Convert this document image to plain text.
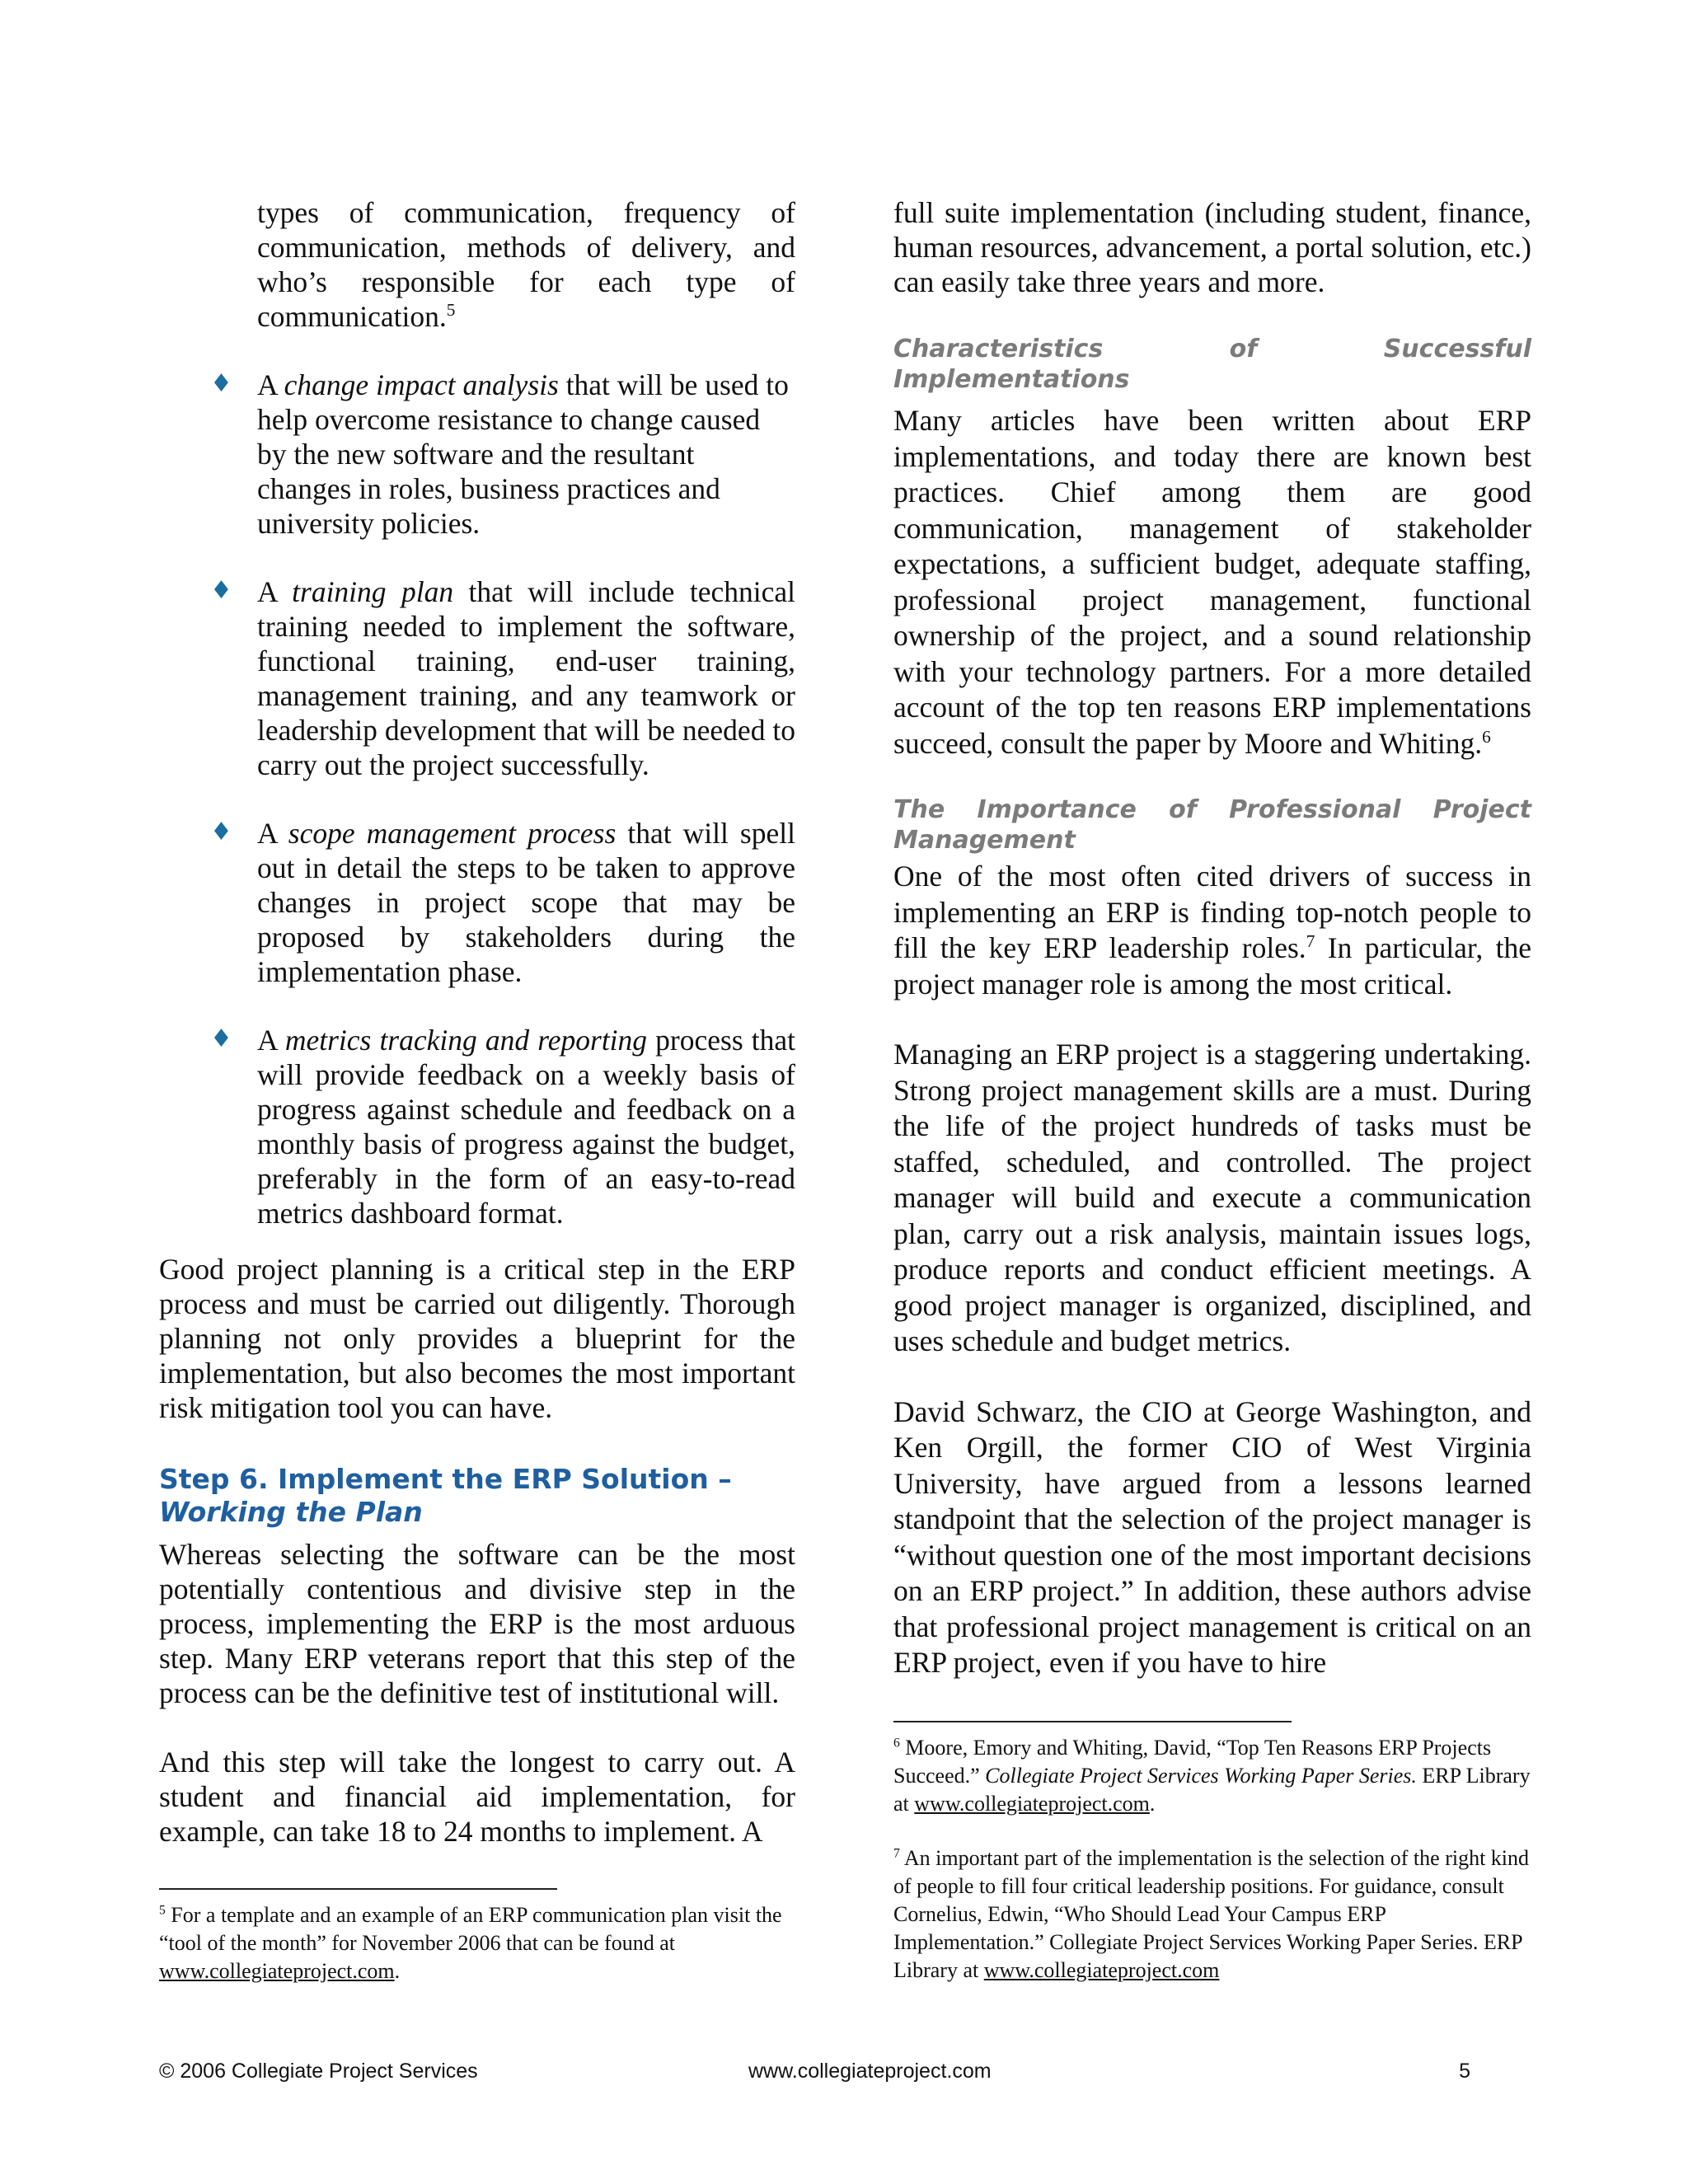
types of communication, frequency of communication, methods of delivery, and who’s responsible for each type of communication.$^5$

♦ A change impact analysis that will be used to help overcome resistance to change caused by the new software and the resultant changes in roles, business practices and university policies.

♦ A training plan that will include technical training needed to implement the software, functional training, end-user training, management training, and any teamwork or leadership development that will be needed to carry out the project successfully.

♦ A scope management process that will spell out in detail the steps to be taken to approve changes in project scope that may be proposed by stakeholders during the implementation phase.

♦ A metrics tracking and reporting process that will provide feedback on a weekly basis of progress against schedule and feedback on a monthly basis of progress against the budget, preferably in the form of an easy-to-read metrics dashboard format.

Good project planning is a critical step in the ERP process and must be carried out diligently. Thorough planning not only provides a blueprint for the implementation, but also becomes the most important risk mitigation tool you can have.

Step 6. Implement the ERP Solution –
Working the Plan

Whereas selecting the software can be the most potentially contentious and divisive step in the process, implementing the ERP is the most arduous step. Many ERP veterans report that this step of the process can be the definitive test of institutional will.

And this step will take the longest to carry out. A student and financial aid implementation, for example, can take 18 to 24 months to implement. A

$^5$ For a template and an example of an ERP communication plan visit the “tool of the month” for November 2006 that can be found at www.collegiateproject.com.

full suite implementation (including student, finance, human resources, advancement, a portal solution, etc.) can easily take three years and more.

Characteristics of Successful Implementations

Many articles have been written about ERP implementations, and today there are known best practices. Chief among them are good communication, management of stakeholder expectations, a sufficient budget, adequate staffing, professional project management, functional ownership of the project, and a sound relationship with your technology partners. For a more detailed account of the top ten reasons ERP implementations succeed, consult the paper by Moore and Whiting.$^6$

The Importance of Professional Project Management

One of the most often cited drivers of success in implementing an ERP is finding top-notch people to fill the key ERP leadership roles.$^7$ In particular, the project manager role is among the most critical.

Managing an ERP project is a staggering undertaking. Strong project management skills are a must. During the life of the project hundreds of tasks must be staffed, scheduled, and controlled. The project manager will build and execute a communication plan, carry out a risk analysis, maintain issues logs, produce reports and conduct efficient meetings. A good project manager is organized, disciplined, and uses schedule and budget metrics.

David Schwarz, the CIO at George Washington, and Ken Orgill, the former CIO of West Virginia University, have argued from a lessons learned standpoint that the selection of the project manager is “without question one of the most important decisions on an ERP project.” In addition, these authors advise that professional project management is critical on an ERP project, even if you have to hire

$^6$ Moore, Emory and Whiting, David, “Top Ten Reasons ERP Projects Succeed.” Collegiate Project Services Working Paper Series. ERP Library at www.collegiateproject.com.

$^7$ An important part of the implementation is the selection of the right kind of people to fill four critical leadership positions. For guidance, consult Cornelius, Edwin, “Who Should Lead Your Campus ERP Implementation.” Collegiate Project Services Working Paper Series. ERP Library at www.collegiateproject.com

© 2006 Collegiate Project Services	www.collegiateproject.com	5
